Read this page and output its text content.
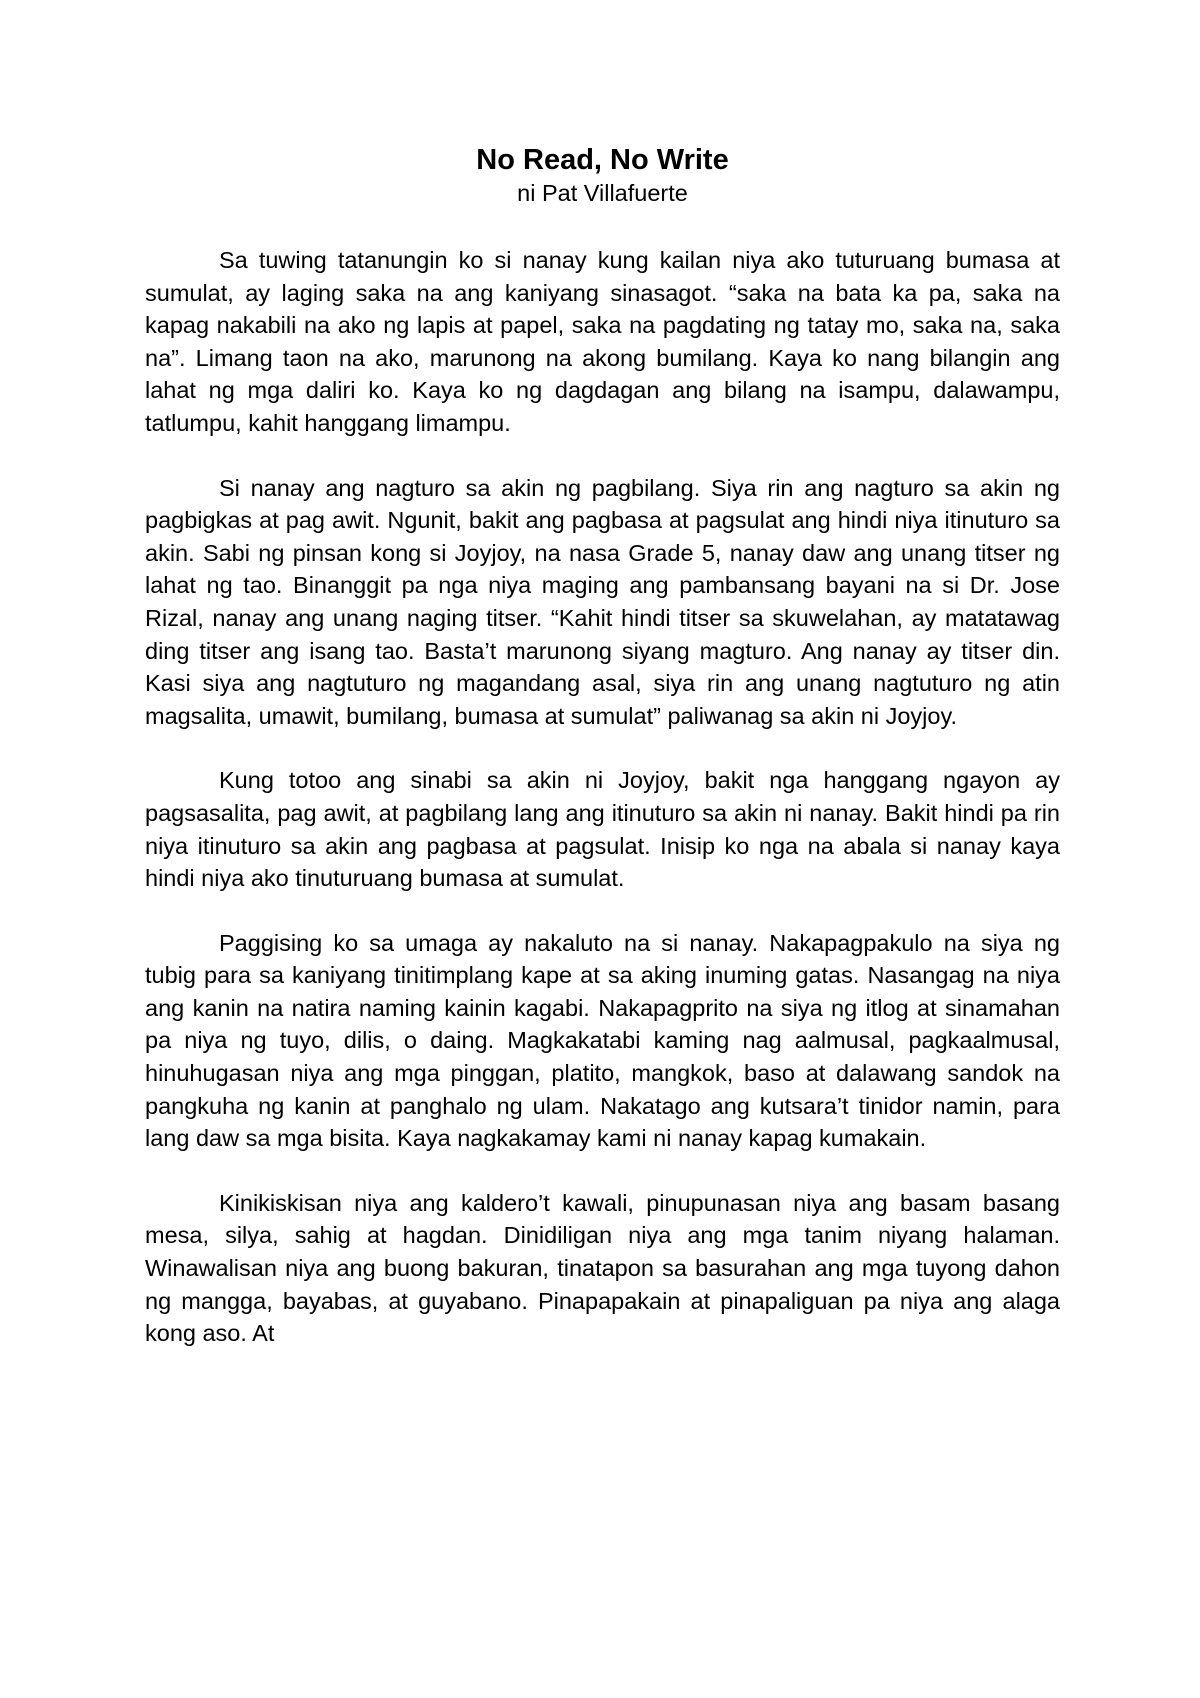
No Read, No Write

ni Pat Villafuerte

Sa tuwing tatanungin ko si nanay kung kailan niya ako tuturuang bumasa at sumulat, ay laging saka na ang kaniyang sinasagot. “saka na bata ka pa, saka na kapag nakabili na ako ng lapis at papel, saka na pagdating ng tatay mo, saka na, saka na”. Limang taon na ako, marunong na akong bumilang. Kaya ko nang bilangin ang lahat ng mga daliri ko. Kaya ko ng dagdagan ang bilang na isampu, dalawampu, tatlumpu, kahit hanggang limampu.

Si nanay ang nagturo sa akin ng pagbilang. Siya rin ang nagturo sa akin ng pagbigkas at pag awit. Ngunit, bakit ang pagbasa at pagsulat ang hindi niya itinuturo sa akin. Sabi ng pinsan kong si Joyjoy, na nasa Grade 5, nanay daw ang unang titser ng lahat ng tao. Binanggit pa nga niya maging ang pambansang bayani na si Dr. Jose Rizal, nanay ang unang naging titser. “Kahit hindi titser sa skuwelahan, ay matatawag ding titser ang isang tao. Basta’t marunong siyang magturo. Ang nanay ay titser din. Kasi siya ang nagtuturo ng magandang asal, siya rin ang unang nagtuturo ng atin magsalita, umawit, bumilang, bumasa at sumulat” paliwanag sa akin ni Joyjoy.

Kung totoo ang sinabi sa akin ni Joyjoy, bakit nga hanggang ngayon ay pagsasalita, pag awit, at pagbilang lang ang itinuturo sa akin ni nanay. Bakit hindi pa rin niya itinuturo sa akin ang pagbasa at pagsulat. Inisip ko nga na abala si nanay kaya hindi niya ako tinuturuang bumasa at sumulat.

Paggising ko sa umaga ay nakaluto na si nanay. Nakapagpakulo na siya ng tubig para sa kaniyang tinitimplang kape at sa aking inuming gatas. Nasangag na niya ang kanin na natira naming kainin kagabi. Nakapagprito na siya ng itlog at sinamahan pa niya ng tuyo, dilis, o daing. Magkakatabi kaming nag aalmusal, pagkaalmusal, hinuhugasan niya ang mga pinggan, platito, mangkok, baso at dalawang sandok na pangkuha ng kanin at panghalo ng ulam. Nakatago ang kutsara’t tinidor namin, para lang daw sa mga bisita. Kaya nagkakamay kami ni nanay kapag kumakain.

Kinikiskisan niya ang kaldero’t kawali, pinupunasan niya ang basam basang mesa, silya, sahig at hagdan. Dinidiligan niya ang mga tanim niyang halaman. Winawalisan niya ang buong bakuran, tinatapon sa basurahan ang mga tuyong dahon ng mangga, bayabas, at guyabano. Pinapapakain at pinapaliguan pa niya ang alaga kong aso. At
